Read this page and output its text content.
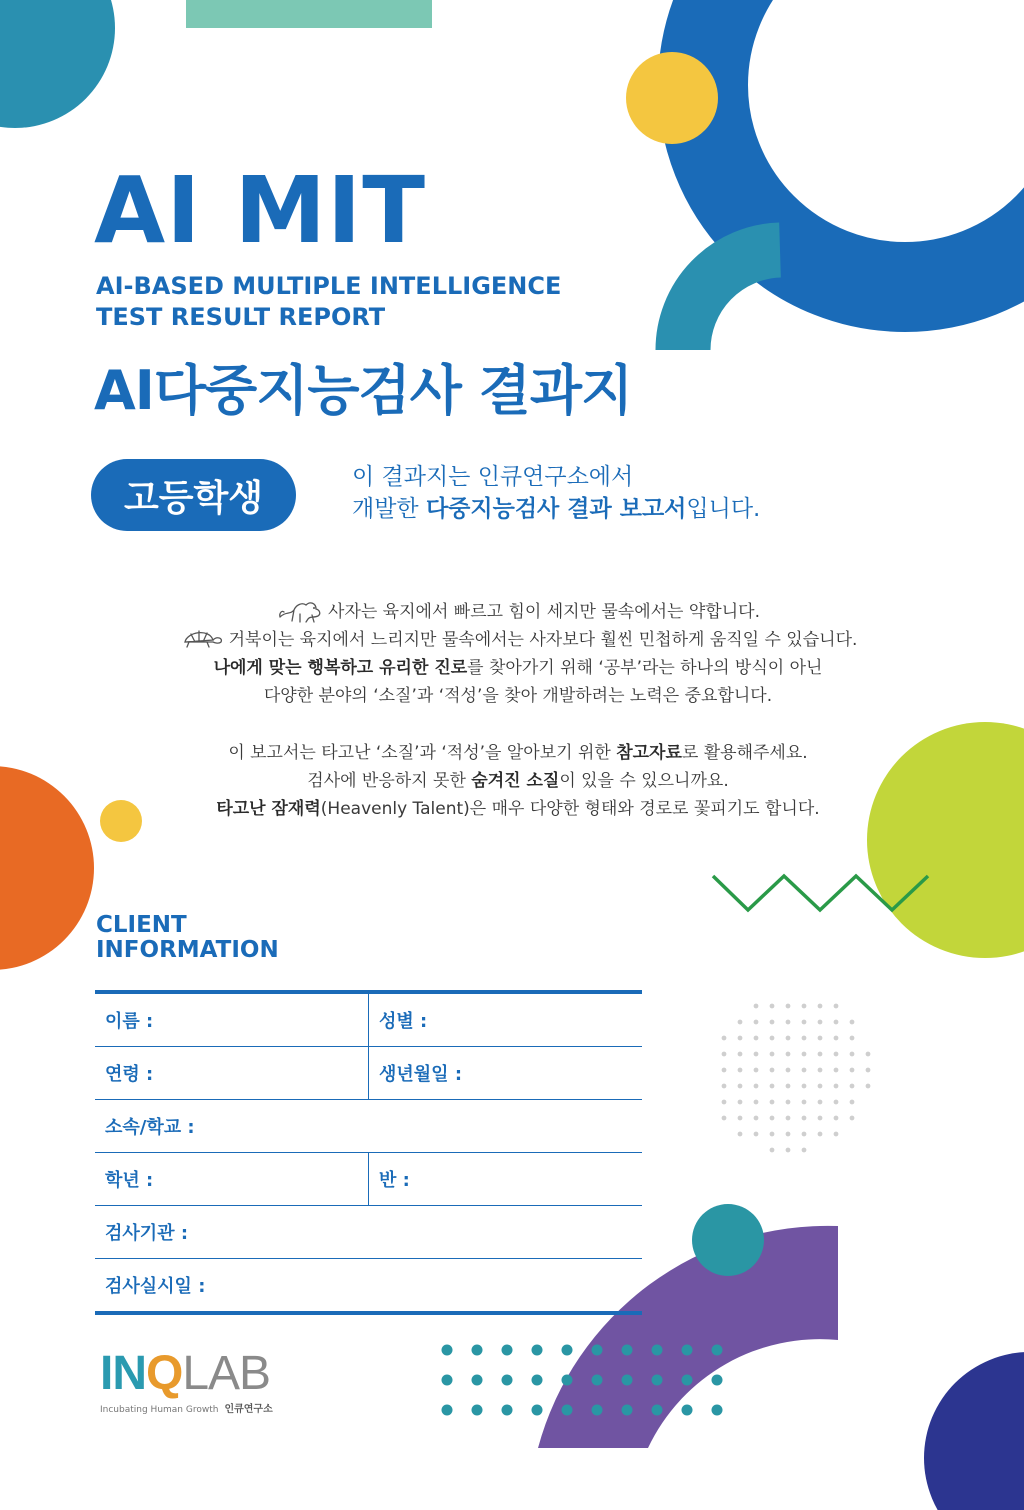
AI MIT
AI-BASED MULTIPLE INTELLIGENCE
TEST RESULT REPORT
AI다중지능검사 결과지
고등학생
이 결과지는 인큐연구소에서
개발한 다중지능검사 결과 보고서입니다.
사자는 육지에서 빠르고 힘이 세지만 물속에서는 약합니다.
거북이는 육지에서 느리지만 물속에서는 사자보다 훨씬 민첩하게 움직일 수 있습니다.
나에게 맞는 행복하고 유리한 진로를 찾아가기 위해 ‘공부’라는 하나의 방식이 아닌
다양한 분야의 ‘소질’과 ‘적성’을 찾아 개발하려는 노력은 중요합니다.
이 보고서는 타고난 ‘소질’과 ‘적성’을 알아보기 위한 참고자료로 활용해주세요.
검사에 반응하지 못한 숨겨진 소질이 있을 수 있으니까요.
타고난 잠재력(Heavenly Talent)은 매우 다양한 형태와 경로로 꽃피기도 합니다.
CLIENT
INFORMATION
이름 :	성별 :
연령 :	생년월일 :
소속/학교 :
학년 :	반 :
검사기관 :
검사실시일 :
INQLAB
Incubating Human Growth 인큐연구소
